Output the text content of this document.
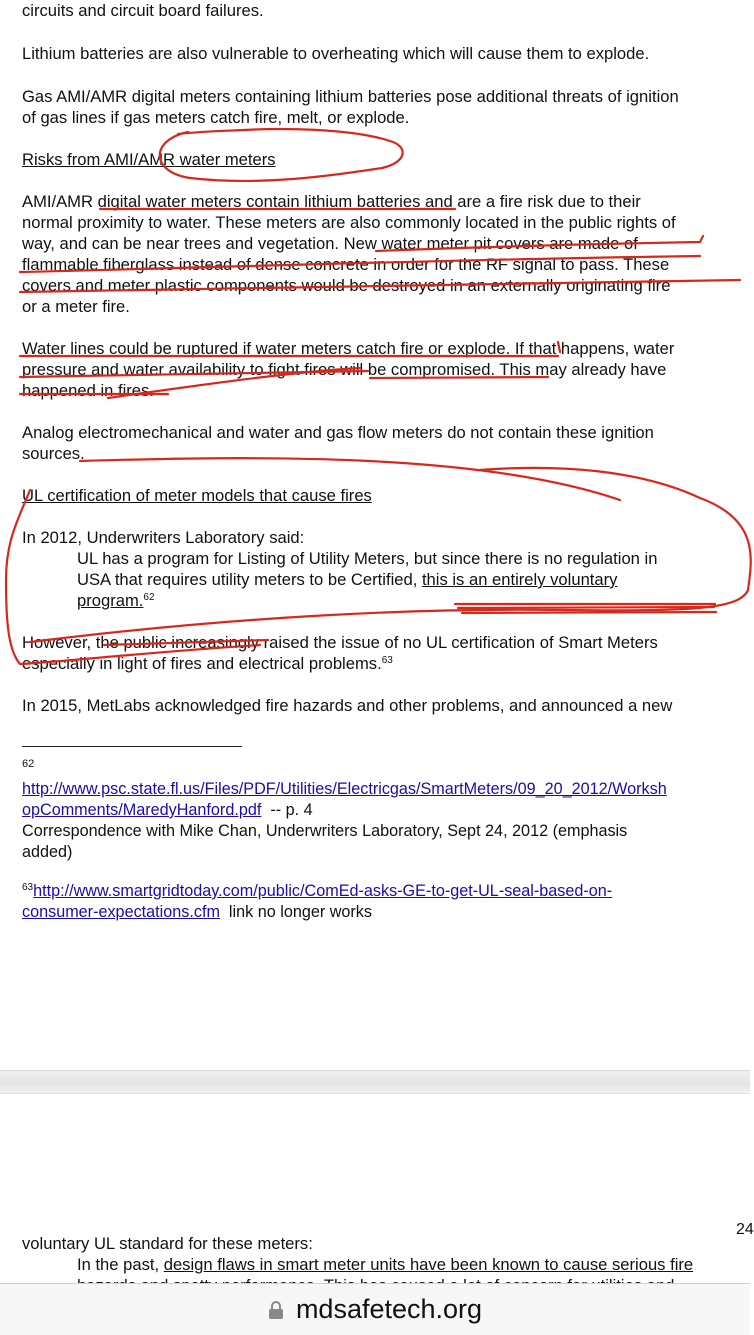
circuits and circuit board failures.

Lithium batteries are also vulnerable to overheating which will cause them to explode.

Gas AMI/AMR digital meters containing lithium batteries pose additional threats of ignition

of gas lines if gas meters catch fire, melt, or explode.

Risks from AMI/AMR water meters

AMI/AMR digital water meters contain lithium batteries and are a fire risk due to their

normal proximity to water. These meters are also commonly located in the public rights of

way, and can be near trees and vegetation. New water meter pit covers are made of

flammable fiberglass instead of dense concrete in order for the RF signal to pass. These

covers and meter plastic components would be destroyed in an externally originating fire

or a meter fire.

Water lines could be ruptured if water meters catch fire or explode. If that happens, water

pressure and water availability to fight fires will be compromised. This may already have

happened in fires.

Analog electromechanical and water and gas flow meters do not contain these ignition

sources.

UL certification of meter models that cause fires

In 2012, Underwriters Laboratory said:

UL has a program for Listing of Utility Meters, but since there is no regulation in

USA that requires utility meters to be Certified, this is an entirely voluntary

program.$^{62}$

However, the public increasingly raised the issue of no UL certification of Smart Meters

especially in light of fires and electrical problems.$^{63}$

In 2015, MetLabs acknowledged fire hazards and other problems, and announced a new

62

http://www.psc.state.fl.us/Files/PDF/Utilities/Electricgas/SmartMeters/09_20_2012/Worksh

opComments/MaredyHanford.pdf  -- p. 4

Correspondence with Mike Chan, Underwriters Laboratory, Sept 24, 2012 (emphasis

added)

$^{63}$http://www.smartgridtoday.com/public/ComEd-asks-GE-to-get-UL-seal-based-on-

consumer-expectations.cfm  link no longer works

24

voluntary UL standard for these meters:

In the past, design flaws in smart meter units have been known to cause serious fire

mdsafetech.org
